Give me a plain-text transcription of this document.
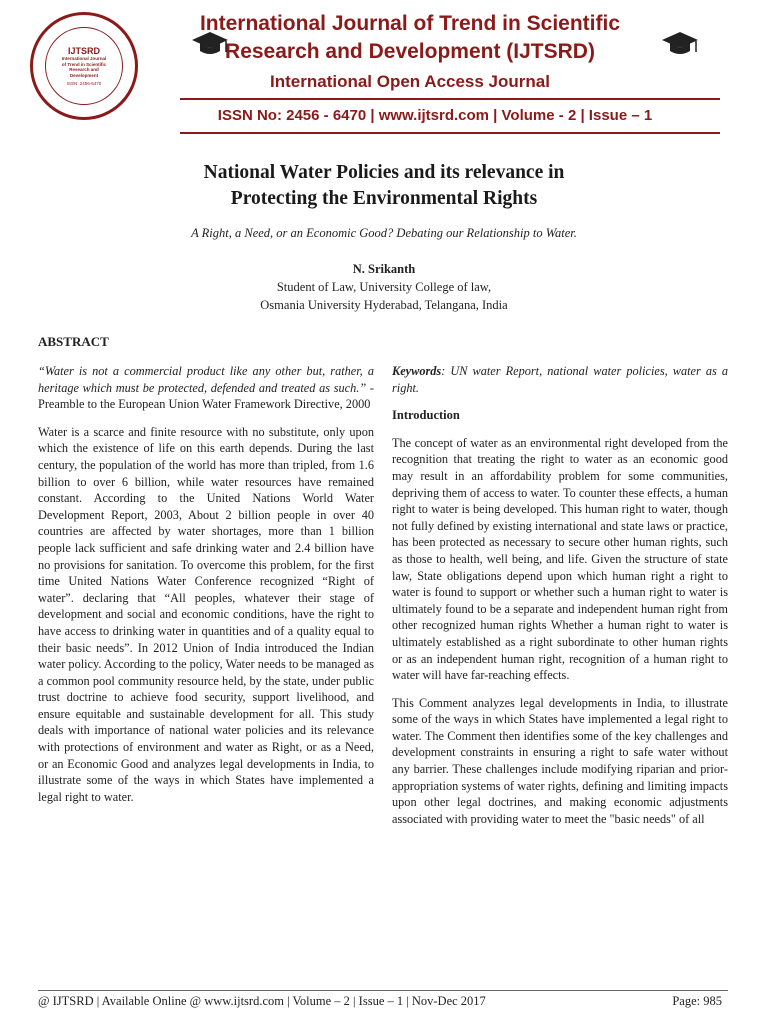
IJTSRD
International Journal
of Trend in Scientific
Research and
Development
ISSN: 2456-6470
International Journal of Trend in Scientific
Research and Development (IJTSRD)
International Open Access Journal
ISSN No: 2456 - 6470 | www.ijtsrd.com | Volume - 2 | Issue – 1
National Water Policies and its relevance in
Protecting the Environmental Rights
A Right, a Need, or an Economic Good? Debating our Relationship to Water.
N. Srikanth
Student of Law, University College of law,
Osmania University Hyderabad, Telangana, India
ABSTRACT

“Water is not a commercial product like any other but, rather, a heritage which must be protected, defended and treated as such.” - Preamble to the European Union Water Framework Directive, 2000

Water is a scarce and finite resource with no substitute, only upon which the existence of life on this earth depends. During the last century, the population of the world has more than tripled, from 1.6 billion to over 6 billion, while water resources have remained constant. According to the United Nations World Water Development Report, 2003, About 2 billion people in over 40 countries are affected by water shortages, more than 1 billion people lack sufficient and safe drinking water and 2.4 billion have no provisions for sanitation. To overcome this problem, for the first time United Nations Water Conference recognized “Right of water”. declaring that “All peoples, whatever their stage of development and social and economic conditions, have the right to have access to drinking water in quantities and of a quality equal to their basic needs”. In 2012 Union of India introduced the Indian water policy. According to the policy, Water needs to be managed as a common pool community resource held, by the state, under public trust doctrine to achieve food security, support livelihood, and ensure equitable and sustainable development for all. This study deals with importance of national water policies and its relevance with protections of environment and water as Right, or as a Need, or an Economic Good and analyzes legal developments in India, to illustrate some of the ways in which States have implemented a legal right to water.

Keywords: UN water Report, national water policies, water as a right.

Introduction

The concept of water as an environmental right developed from the recognition that treating the right to water as an economic good may result in an affordability problem for some communities, depriving them of access to water. To counter these effects, a human right to water is being developed. This human right to water, though not fully defined by existing international and state laws or practice, has been protected as necessary to secure other human rights, such as those to health, well being, and life. Given the structure of state law, State obligations depend upon which human right a right to water is found to support or whether such a human right to water is ultimately found to be a separate and independent human right from other recognized human rights Whether a human right to water is ultimately established as a right subordinate to other human rights or as an independent human right, recognition of a human right to water will have far-reaching effects.

This Comment analyzes legal developments in India, to illustrate some of the ways in which States have implemented a legal right to water. The Comment then identifies some of the key challenges and development constraints in ensuring a right to safe water without any barrier. These challenges include modifying riparian and prior-appropriation systems of water rights, defining and limiting impacts upon other legal doctrines, and making economic adjustments associated with providing water to meet the "basic needs" of all

@ IJTSRD | Available Online @ www.ijtsrd.com | Volume – 2 | Issue – 1 | Nov-Dec 2017	Page: 985
